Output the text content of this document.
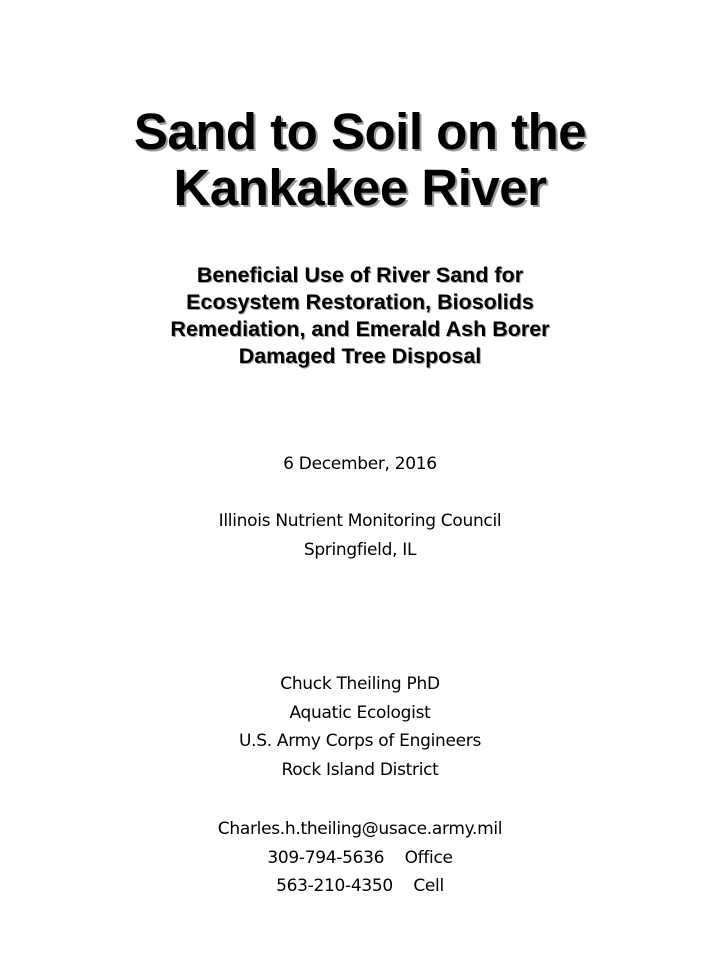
Sand to Soil on the
Kankakee River
Beneficial Use of River Sand for
Ecosystem Restoration, Biosolids
Remediation, and Emerald Ash Borer
Damaged Tree Disposal
6 December, 2016
Illinois Nutrient Monitoring Council
Springfield, IL
Chuck Theiling PhD
Aquatic Ecologist
U.S. Army Corps of Engineers
Rock Island District
Charles.h.theiling@usace.army.mil
309-794-5636    Office
563-210-4350    Cell
